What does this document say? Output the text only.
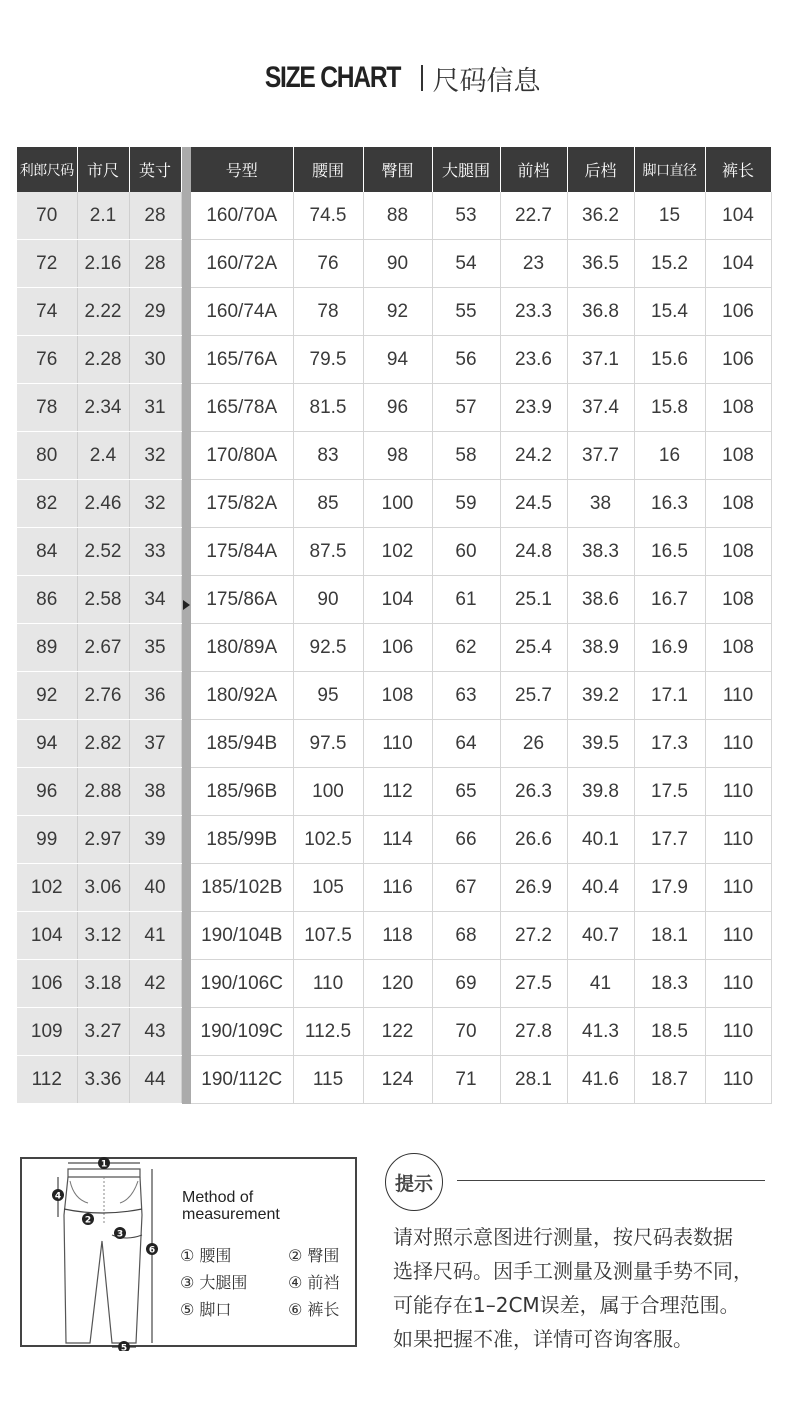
SIZE CHART 尺码信息
利郎尺码	市尺	英寸		号型	腰围	臀围	大腿围	前档	后档	脚口直径	裤长
70	2.1	28		160/70A	74.5	88	53	22.7	36.2	15	104
72	2.16	28		160/72A	76	90	54	23	36.5	15.2	104
74	2.22	29		160/74A	78	92	55	23.3	36.8	15.4	106
76	2.28	30		165/76A	79.5	94	56	23.6	37.1	15.6	106
78	2.34	31		165/78A	81.5	96	57	23.9	37.4	15.8	108
80	2.4	32		170/80A	83	98	58	24.2	37.7	16	108
82	2.46	32		175/82A	85	100	59	24.5	38	16.3	108
84	2.52	33		175/84A	87.5	102	60	24.8	38.3	16.5	108
86	2.58	34		175/86A	90	104	61	25.1	38.6	16.7	108
89	2.67	35		180/89A	92.5	106	62	25.4	38.9	16.9	108
92	2.76	36		180/92A	95	108	63	25.7	39.2	17.1	110
94	2.82	37		185/94B	97.5	110	64	26	39.5	17.3	110
96	2.88	38		185/96B	100	112	65	26.3	39.8	17.5	110
99	2.97	39		185/99B	102.5	114	66	26.6	40.1	17.7	110
102	3.06	40		185/102B	105	116	67	26.9	40.4	17.9	110
104	3.12	41		190/104B	107.5	118	68	27.2	40.7	18.1	110
106	3.18	42		190/106C	110	120	69	27.5	41	18.3	110
109	3.27	43		190/109C	112.5	122	70	27.8	41.3	18.5	110
112	3.36	44		190/112C	115	124	71	28.1	41.6	18.7	110
1
2
3
4
5
6
Method of
measurement
① 腰围	② 臀围
③ 大腿围	④ 前裆
⑤ 脚口	⑥ 裤长
提示
请对照示意图进行测量，按尺码表数据
选择尺码。因手工测量及测量手势不同，
可能存在1–2CM误差，属于合理范围。
如果把握不准，详情可咨询客服。
